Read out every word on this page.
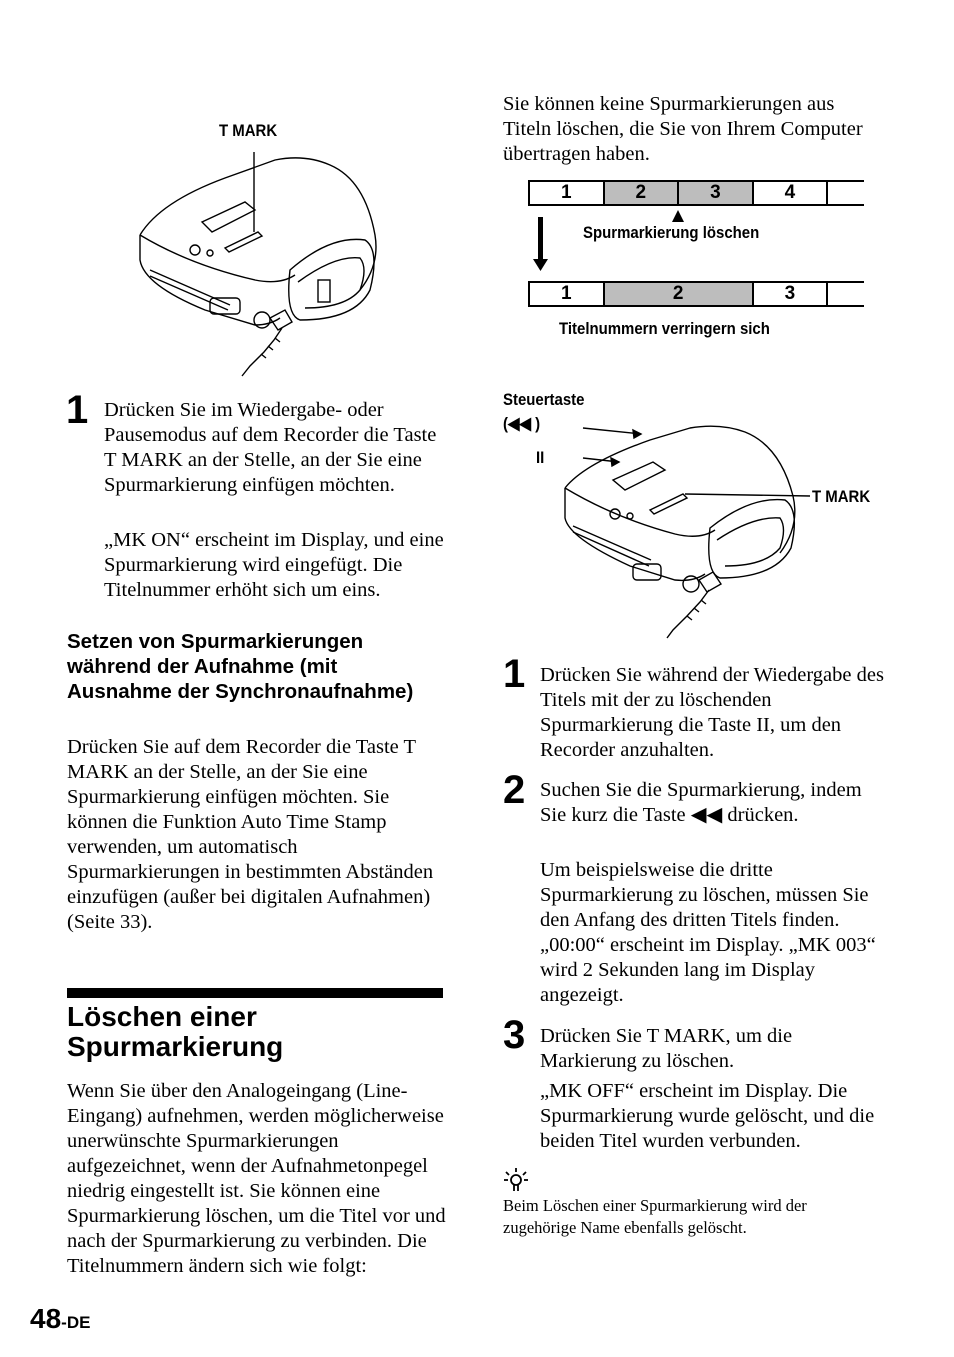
T MARK
1 Drücken Sie im Wiedergabe- oder Pausemodus auf dem Recorder die Taste T MARK an der Stelle, an der Sie eine Spurmarkierung einfügen möchten.

„MK ON“ erscheint im Display, und eine Spurmarkierung wird eingefügt. Die Titelnummer erhöht sich um eins.

Setzen von Spurmarkierungen während der Aufnahme (mit Ausnahme der Synchronaufnahme)

Drücken Sie auf dem Recorder die Taste T MARK an der Stelle, an der Sie eine Spurmarkierung einfügen möchten. Sie können die Funktion Auto Time Stamp verwenden, um automatisch Spurmarkierungen in bestimmten Abständen einzufügen (außer bei digitalen Aufnahmen) (Seite 33).

Löschen einer Spurmarkierung

Wenn Sie über den Analogeingang (Line-Eingang) aufnehmen, werden möglicherweise unerwünschte Spurmarkierungen aufgezeichnet, wenn der Aufnahmetonpegel niedrig eingestellt ist. Sie können eine Spurmarkierung löschen, um die Titel vor und nach der Spurmarkierung zu verbinden. Die Titelnummern ändern sich wie folgt:

48-DE

Sie können keine Spurmarkierungen aus Titeln löschen, die Sie von Ihrem Computer übertragen haben.

1	2	3	4
Spurmarkierung löschen
1	2	3
Titelnummern verringern sich
Steuertaste
(◀◀ )
II
T MARK
1 Drücken Sie während der Wiedergabe des Titels mit der zu löschenden Spurmarkierung die Taste II, um den Recorder anzuhalten.

2 Suchen Sie die Spurmarkierung, indem Sie kurz die Taste ◀◀ drücken.

Um beispielsweise die dritte Spurmarkierung zu löschen, müssen Sie den Anfang des dritten Titels finden. „00:00“ erscheint im Display. „MK 003“ wird 2 Sekunden lang im Display angezeigt.

3 Drücken Sie T MARK, um die Markierung zu löschen.

„MK OFF“ erscheint im Display. Die Spurmarkierung wurde gelöscht, und die beiden Titel wurden verbunden.

Beim Löschen einer Spurmarkierung wird der zugehörige Name ebenfalls gelöscht.
